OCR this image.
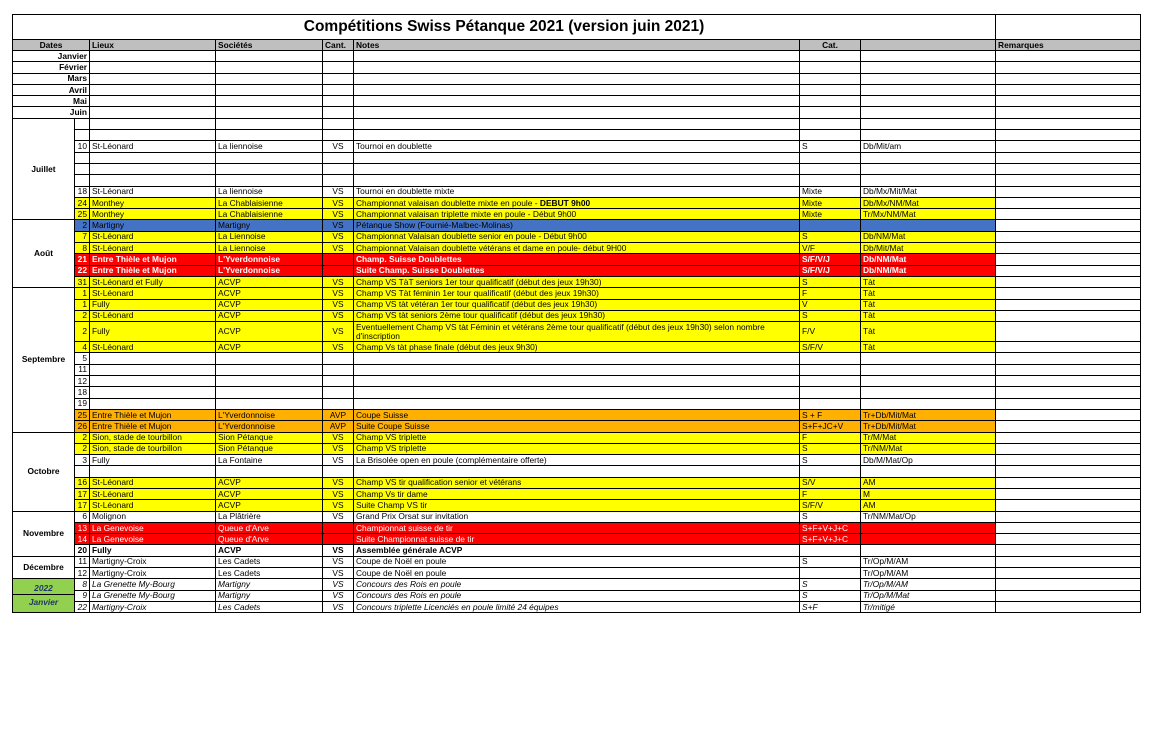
Compétitions Swiss Pétanque 2021 (version juin 2021)								
Dates		Lieux	Sociétés	Cant.	Notes	Cat.		Remarques
Janvier								
Février								
Mars								
Avril								
Mai								
Juin								
Juillet								

	10	St-Léonard	La liennoise	VS	Tournoi en doublette	S	Db/Mit/am	

	18	St-Léonard	La liennoise	VS	Tournoi en doublette mixte	Mixte	Db/Mx/Mit/Mat	
	24	Monthey	La Chablaisienne	VS	Championnat valaisan doublette mixte en poule - DEBUT 9h00	Mixte	Db/Mx/NM/Mat	
	25	Monthey	La Chablaisienne	VS	Championnat valaisan triplette mixte en poule - Début 9h00	Mixte	Tr/Mx/NM/Mat	
Août	2	Martigny	Martigny	VS	Pétanque Show (Fournié-Malbec-Molinas)			
	7	St-Léonard	La Liennoise	VS	Championnat Valaisan doublette senior en poule - Début 9h00	S	Db/NM/Mat	
	8	St-Léonard	La Liennoise	VS	Championnat Valaisan doublette vétérans et dame en poule- début 9H00	V/F	Db/Mit/Mat	
	21	Entre Thièle et Mujon	L'Yverdonnoise		Champ. Suisse Doublettes	S/F/V/J	Db/NM/Mat	
	22	Entre Thièle et Mujon	L'Yverdonnoise		Suite Champ. Suisse Doublettes	S/F/V/J	Db/NM/Mat	
	31	St-Léonard et Fully	ACVP	VS	Champ VS TàT seniors 1er tour qualificatif (début des jeux 19h30)	S	Tàt	
Septembre	1	St-Léonard	ACVP	VS	Champ VS Tàt féminin 1er tour qualificatif (début des jeux 19h30)	F	Tàt	
	1	Fully	ACVP	VS	Champ VS tàt vétéran 1er tour qualificatif (début des jeux 19h30)	V	Tàt	
	2	St-Léonard	ACVP	VS	Champ VS tàt seniors 2ème tour qualificatif (début des jeux 19h30)	S	Tàt	
	2	Fully	ACVP	VS	Eventuellement Champ VS tàt Féminin et vétérans 2ème tour qualificatif (début des jeux 19h30) selon nombre d'inscription	F/V	Tàt	
	4	St-Léonard	ACVP	VS	Champ Vs tàt phase finale (début des jeux 9h30)	S/F/V	Tàt	
	5							
	11							
	12							
	18							
	19							
	25	Entre Thièle et Mujon	L'Yverdonnoise	AVP	Coupe Suisse	S + F	Tr+Db/Mit/Mat	
	26	Entre Thièle et Mujon	L'Yverdonnoise	AVP	Suite Coupe Suisse	S+F+JC+V	Tr+Db/Mit/Mat	
Octobre	2	Sion, stade de tourbillon	Sion Pétanque	VS	Champ VS triplette	F	Tr/M/Mat	
	2	Sion, stade de tourbillon	Sion Pétanque	VS	Champ VS triplette	S	Tr/NM/Mat	
	3	Fully	La Fontaine	VS	La Brisolée open en poule (complémentaire offerte)	S	Db/M/Mat/Op	

	16	St-Léonard	ACVP	VS	Champ VS tir qualification senior et vétérans	S/V	AM	
	17	St-Léonard	ACVP	VS	Champ Vs tir dame	F	M	
	17	St-Léonard	ACVP	VS	Suite Champ VS tir	S/F/V	AM	
Novembre	6	Molignon	La Plâtrière	VS	Grand Prix Orsat sur invitation	S	Tr/NM/Mat/Op	
	13	La Genevoise	Queue d'Arve		Championnat suisse de tir	S+F+V+J+C		
	14	La Genevoise	Queue d'Arve		Suite Championnat suisse de tir	S+F+V+J+C		
	20	Fully	ACVP	VS	Assemblée générale ACVP			
Décembre	11	Martigny-Croix	Les Cadets	VS	Coupe de Noël en poule	S	Tr/Op/M/AM	
	12	Martigny-Croix	Les Cadets	VS	Coupe de Noël en poule		Tr/Op/M/AM	

2022
Janvier	8	La Grenette My-Bourg	Martigny	VS	Concours des Rois en poule	S	Tr/Op/M/AM	
	9	La Grenette My-Bourg	Martigny	VS	Concours des Rois en poule	S	Tr/Op/M/Mat	
	22	Martigny-Croix	Les Cadets	VS	Concours triplette Licenciés en poule limité 24 équipes	S+F	Tr/mitigé	
